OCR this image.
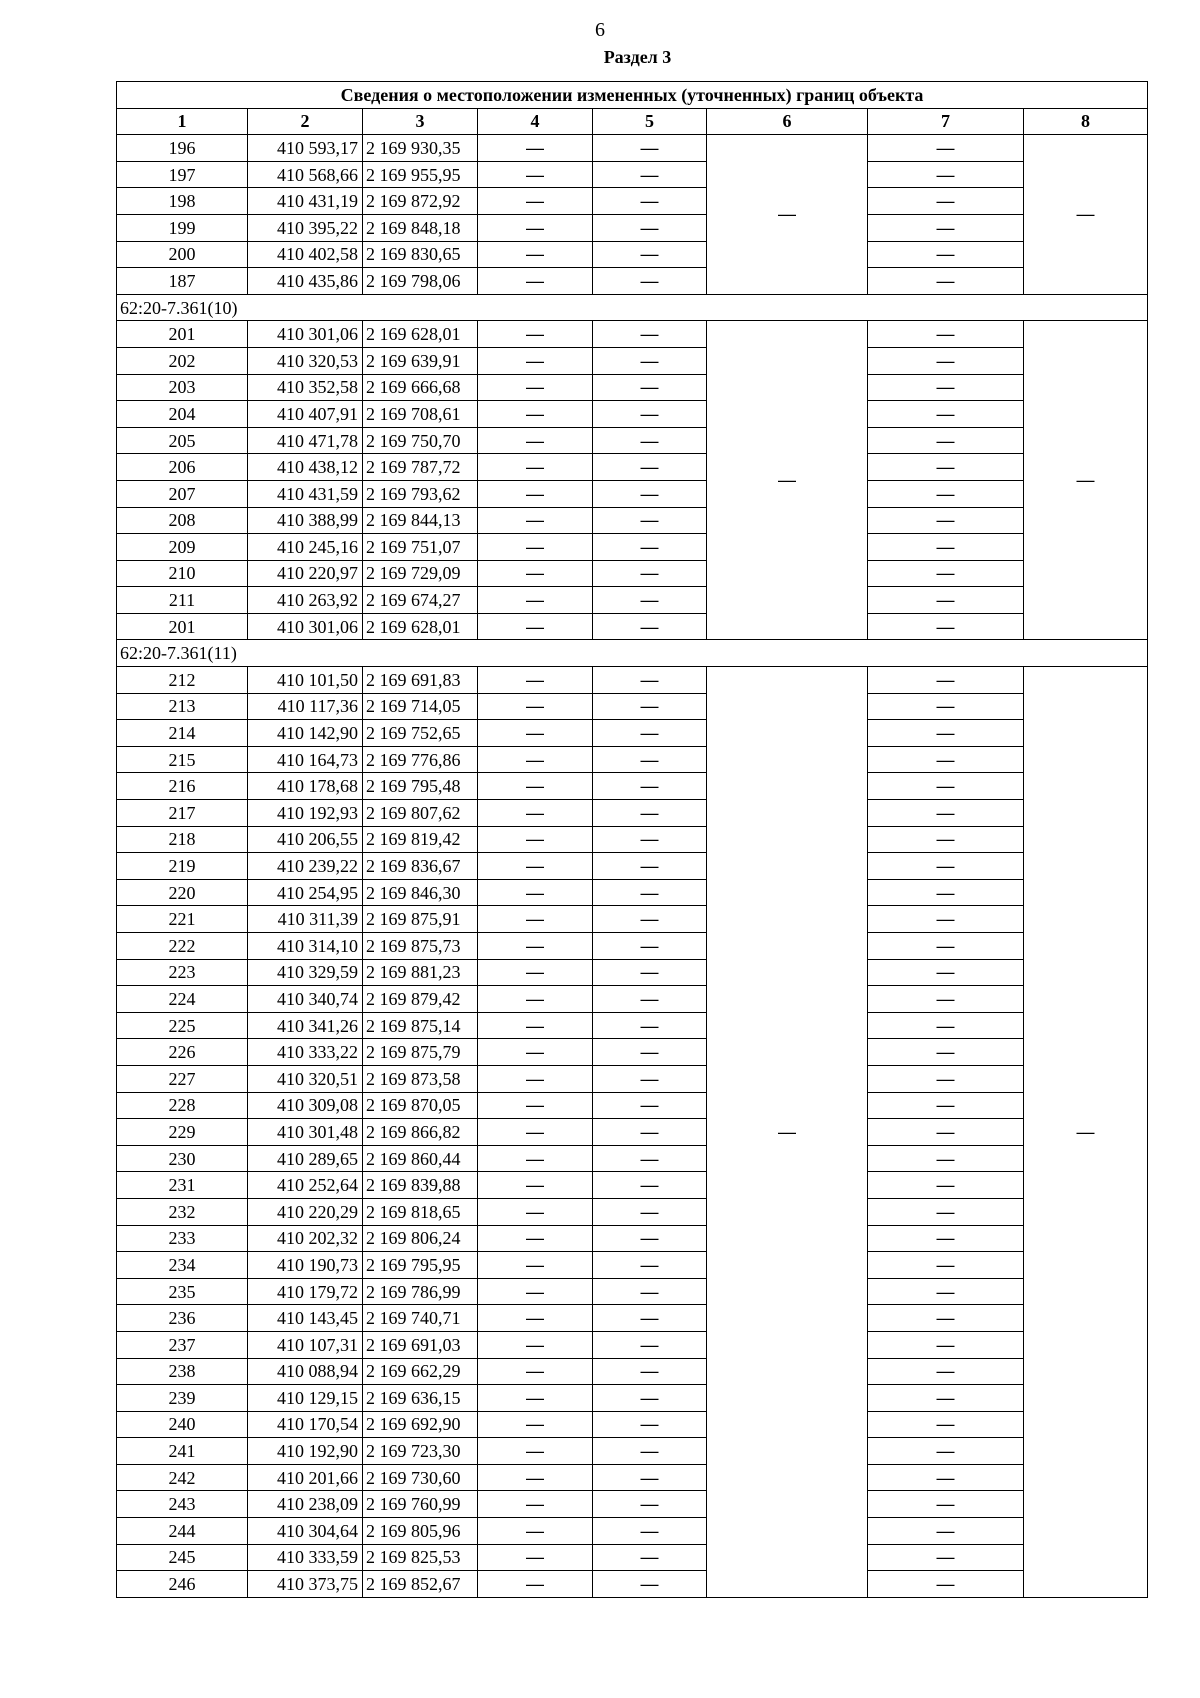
6
Раздел 3
Сведения о местоположении измененных (уточненных) границ объекта							
1	2	3	4	5	6	7	8
196	410 593,17	2 169 930,35	—	—	—	—	—
197	410 568,66	2 169 955,95	—	—		—	
198	410 431,19	2 169 872,92	—	—		—	
199	410 395,22	2 169 848,18	—	—		—	
200	410 402,58	2 169 830,65	—	—		—	
187	410 435,86	2 169 798,06	—	—		—	
62:20-7.361(10)							
201	410 301,06	2 169 628,01	—	—	—	—	—
202	410 320,53	2 169 639,91	—	—		—	
203	410 352,58	2 169 666,68	—	—		—	
204	410 407,91	2 169 708,61	—	—		—	
205	410 471,78	2 169 750,70	—	—		—	
206	410 438,12	2 169 787,72	—	—		—	
207	410 431,59	2 169 793,62	—	—		—	
208	410 388,99	2 169 844,13	—	—		—	
209	410 245,16	2 169 751,07	—	—		—	
210	410 220,97	2 169 729,09	—	—		—	
211	410 263,92	2 169 674,27	—	—		—	
201	410 301,06	2 169 628,01	—	—		—	
62:20-7.361(11)							
212	410 101,50	2 169 691,83	—	—	—	—	—
213	410 117,36	2 169 714,05	—	—		—	
214	410 142,90	2 169 752,65	—	—		—	
215	410 164,73	2 169 776,86	—	—		—	
216	410 178,68	2 169 795,48	—	—		—	
217	410 192,93	2 169 807,62	—	—		—	
218	410 206,55	2 169 819,42	—	—		—	
219	410 239,22	2 169 836,67	—	—		—	
220	410 254,95	2 169 846,30	—	—		—	
221	410 311,39	2 169 875,91	—	—		—	
222	410 314,10	2 169 875,73	—	—		—	
223	410 329,59	2 169 881,23	—	—		—	
224	410 340,74	2 169 879,42	—	—		—	
225	410 341,26	2 169 875,14	—	—		—	
226	410 333,22	2 169 875,79	—	—		—	
227	410 320,51	2 169 873,58	—	—		—	
228	410 309,08	2 169 870,05	—	—		—	
229	410 301,48	2 169 866,82	—	—		—	
230	410 289,65	2 169 860,44	—	—		—	
231	410 252,64	2 169 839,88	—	—		—	
232	410 220,29	2 169 818,65	—	—		—	
233	410 202,32	2 169 806,24	—	—		—	
234	410 190,73	2 169 795,95	—	—		—	
235	410 179,72	2 169 786,99	—	—		—	
236	410 143,45	2 169 740,71	—	—		—	
237	410 107,31	2 169 691,03	—	—		—	
238	410 088,94	2 169 662,29	—	—		—	
239	410 129,15	2 169 636,15	—	—		—	
240	410 170,54	2 169 692,90	—	—		—	
241	410 192,90	2 169 723,30	—	—		—	
242	410 201,66	2 169 730,60	—	—		—	
243	410 238,09	2 169 760,99	—	—		—	
244	410 304,64	2 169 805,96	—	—		—	
245	410 333,59	2 169 825,53	—	—		—	
246	410 373,75	2 169 852,67	—	—		—	
